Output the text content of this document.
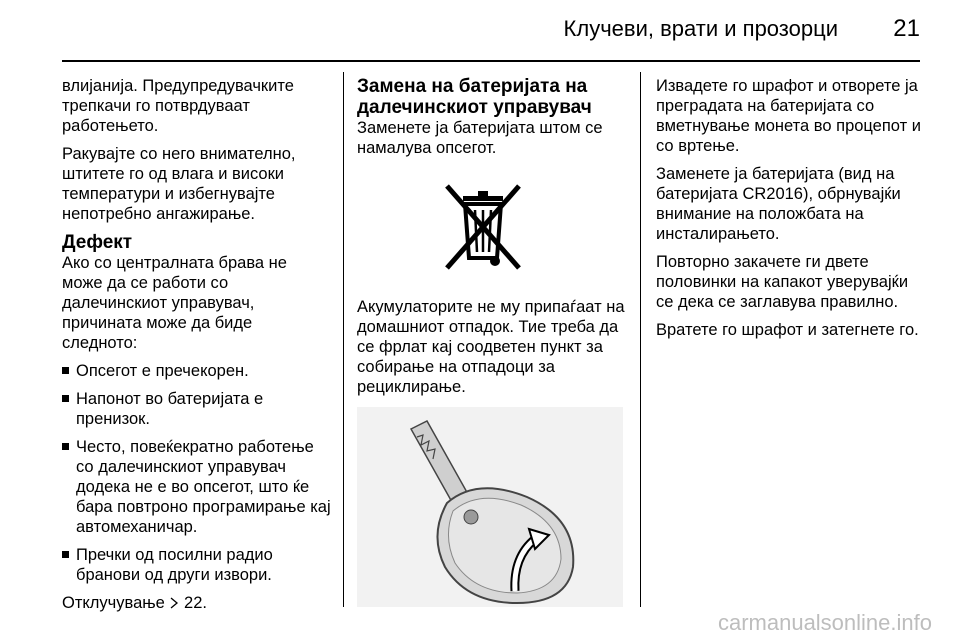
Клучеви, врати и прозорци 21

влијанија. Предупредувачките трепкачи го потврдуваат работењето.

Ракувајте со него внимателно, штитете го од влага и високи температури и избегнувајте непотребно ангажирање.

Дефект

Ако со централната брава не може да се работи со далечинскиот управувач, причината може да биде следното:

Опсегот е пречекорен.
Напонот во батеријата е пренизок.
Често, повеќекратно работење со далечинскиот управувач додека не е во опсегот, што ќе бара повтроно програмирање кај автомеханичар.
Пречки од посилни радио бранови од други извори.

Отклучување 22.

Замена на батеријата на далечинскиот управувач

Заменете ја батеријата штом се намалува опсегот.

Акумулаторите не му припаѓаат на домашниот отпадок. Тие треба да се фрлат кај соодветен пункт за собирање на отпадоци за рециклирање.

Извадете го шрафот и отворете ја преградата на батеријата со вметнување монета во процепот и со вртење.

Заменете ја батеријата (вид на батеријата CR2016), обрнувајќи внимание на положбата на инсталирањето.

Повторно закачете ги двете половинки на капакот уверувајќи се дека се заглавува правилно.

Вратете го шрафот и затегнете го.

carmanualsonline.info
